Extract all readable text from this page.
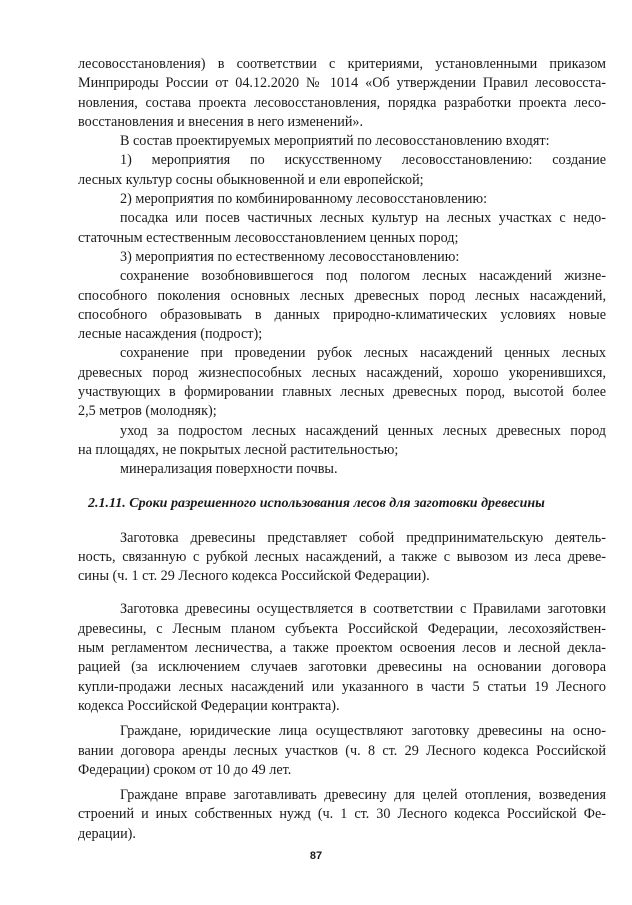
лесовосстановления) в соответствии с критериями, установленными приказом
Минприроды России от 04.12.2020 № 1014 «Об утверждении Правил лесовосста-
новления, состава проекта лесовосстановления, порядка разработки проекта лесо-
восстановления и внесения в него изменений».

В состав проектируемых мероприятий по лесовосстановлению входят:

1) мероприятия по искусственному лесовосстановлению: создание
лесных культур сосны обыкновенной и ели европейской;

2) мероприятия по комбинированному лесовосстановлению:

посадка или посев частичных лесных культур на лесных участках с недо-
статочным естественным лесовосстановлением ценных пород;

3) мероприятия по естественному лесовосстановлению:

сохранение возобновившегося под пологом лесных насаждений жизне-
способного поколения основных лесных древесных пород лесных насаждений,
способного образовывать в данных природно-климатических условиях новые
лесные насаждения (подрост);

сохранение при проведении рубок лесных насаждений ценных лесных
древесных пород жизнеспособных лесных насаждений, хорошо укоренившихся,
участвующих в формировании главных лесных древесных пород, высотой более
2,5 метров (молодняк);

уход за подростом лесных насаждений ценных лесных древесных пород
на площадях, не покрытых лесной растительностью;

минерализация поверхности почвы.

2.1.11. Сроки разрешенного использования лесов для заготовки древесины

Заготовка древесины представляет собой предпринимательскую деятель-
ность, связанную с рубкой лесных насаждений, а также с вывозом из леса древе-
сины (ч. 1 ст. 29 Лесного кодекса Российской Федерации).

Заготовка древесины осуществляется в соответствии с Правилами заготовки
древесины, с Лесным планом субъекта Российской Федерации, лесохозяйствен-
ным регламентом лесничества, а также проектом освоения лесов и лесной декла-
рацией (за исключением случаев заготовки древесины на основании договора
купли-продажи лесных насаждений или указанного в части 5 статьи 19 Лесного
кодекса Российской Федерации контракта).

Граждане, юридические лица осуществляют заготовку древесины на осно-
вании договора аренды лесных участков (ч. 8 ст. 29 Лесного кодекса Российской
Федерации) сроком от 10 до 49 лет.

Граждане вправе заготавливать древесину для целей отопления, возведения
строений и иных собственных нужд (ч. 1 ст. 30 Лесного кодекса Российской Фе-
дерации).

87
